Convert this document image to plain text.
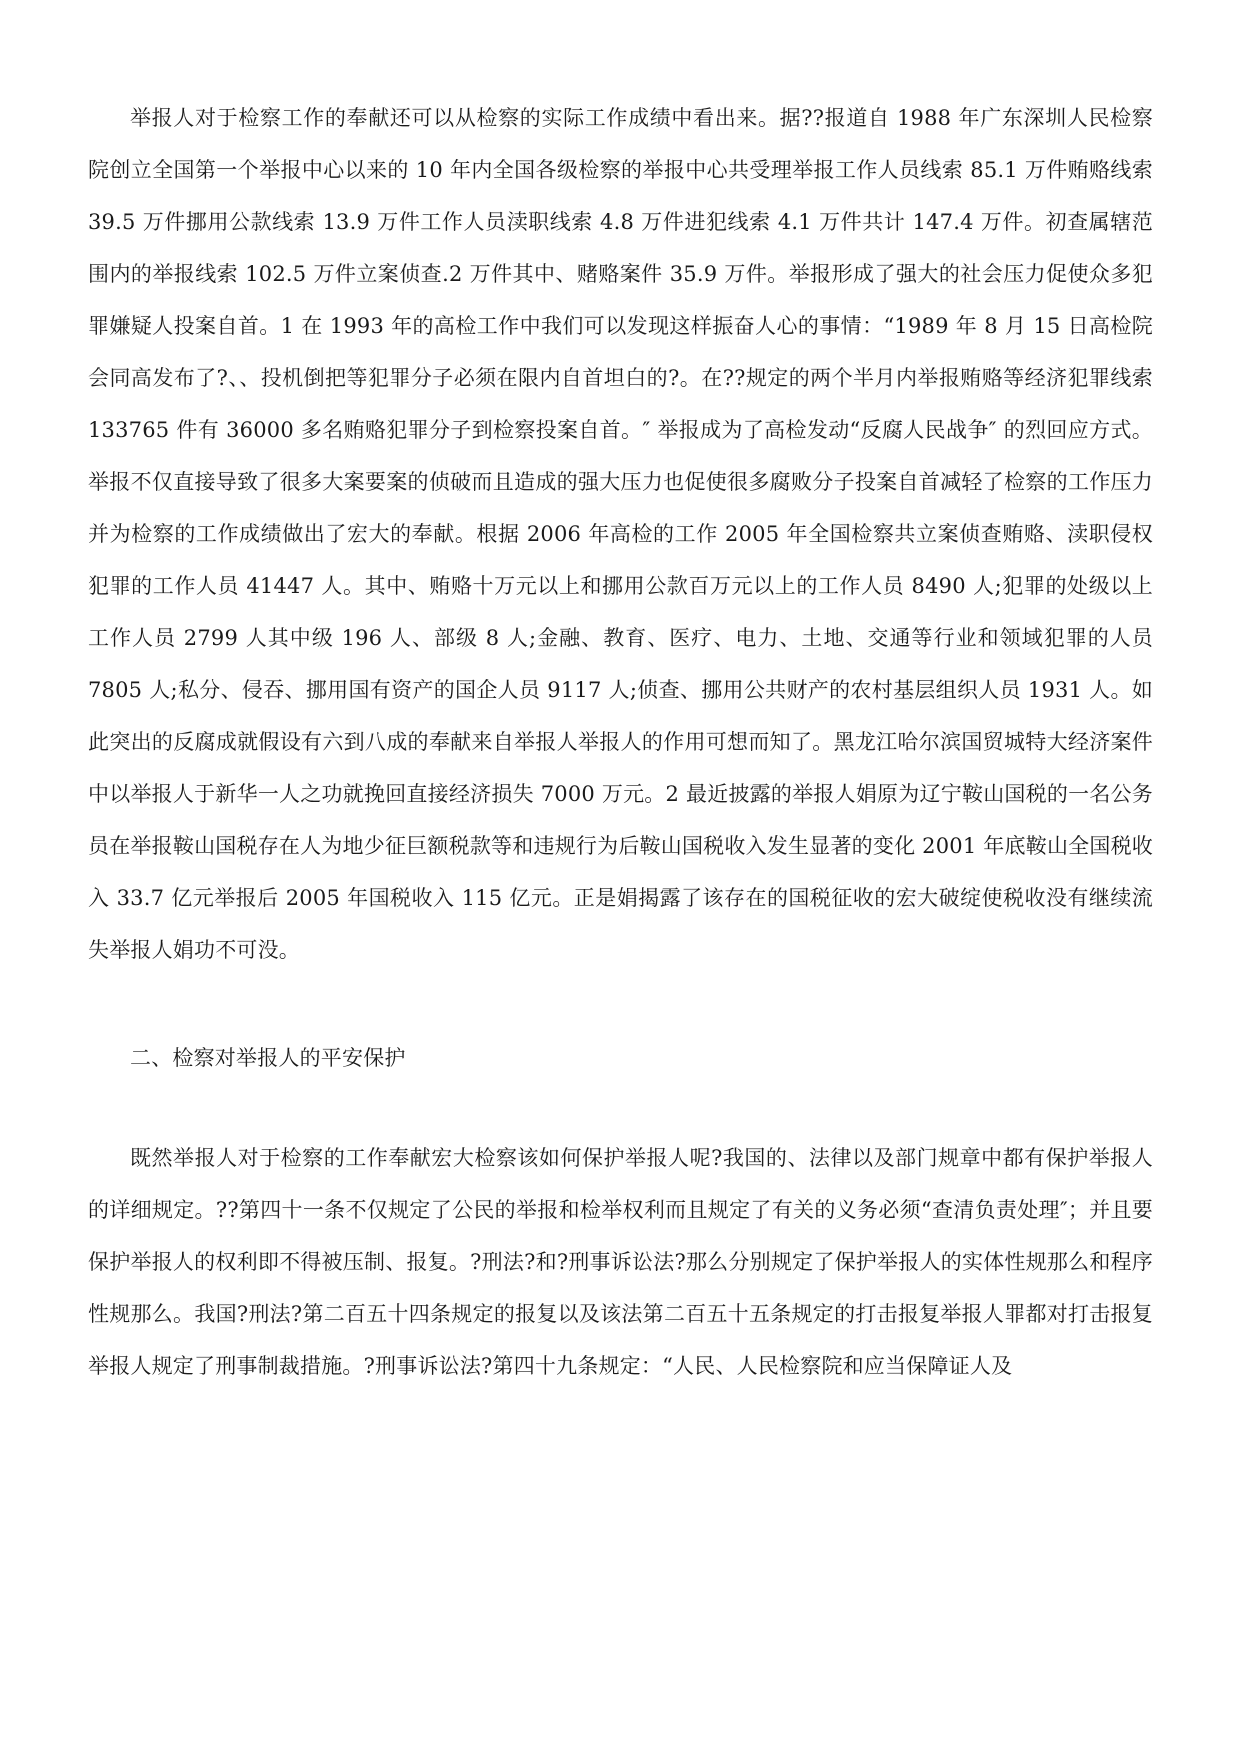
举报人对于检察工作的奉献还可以从检察的实际工作成绩中看出来。据??报道自 1988 年广东深圳人民检察院创立全国第一个举报中心以来的 10 年内全国各级检察的举报中心共受理举报工作人员线索 85.1 万件贿赂线索 39.5 万件挪用公款线索 13.9 万件工作人员渎职线索 4.8 万件进犯线索 4.1 万件共计 147.4 万件。初查属辖范围内的举报线索 102.5 万件立案侦查.2 万件其中、赌赂案件 35.9 万件。举报形成了强大的社会压力促使众多犯罪嫌疑人投案自首。1 在 1993 年的高检工作中我们可以发现这样振奋人心的事情：“1989 年 8 月 15 日高检院会同高发布了?、、投机倒把等犯罪分子必须在限内自首坦白的?。在??规定的两个半月内举报贿赂等经济犯罪线索 133765 件有 36000 多名贿赂犯罪分子到检察投案自首。″ 举报成为了高检发动“反腐人民战争″ 的烈回应方式。举报不仅直接导致了很多大案要案的侦破而且造成的强大压力也促使很多腐败分子投案自首减轻了检察的工作压力并为检察的工作成绩做出了宏大的奉献。根据 2006 年高检的工作 2005 年全国检察共立案侦查贿赂、渎职侵权犯罪的工作人员 41447 人。其中、贿赂十万元以上和挪用公款百万元以上的工作人员 8490 人;犯罪的处级以上工作人员 2799 人其中级 196 人、部级 8 人;金融、教育、医疗、电力、土地、交通等行业和领域犯罪的人员 7805 人;私分、侵吞、挪用国有资产的国企人员 9117 人;侦查、挪用公共财产的农村基层组织人员 1931 人。如此突出的反腐成就假设有六到八成的奉献来自举报人举报人的作用可想而知了。黑龙江哈尔滨国贸城特大经济案件中以举报人于新华一人之功就挽回直接经济损失 7000 万元。2 最近披露的举报人娟原为辽宁鞍山国税的一名公务员在举报鞍山国税存在人为地少征巨额税款等和违规行为后鞍山国税收入发生显著的变化 2001 年底鞍山全国税收入 33.7 亿元举报后 2005 年国税收入 115 亿元。正是娟揭露了该存在的国税征收的宏大破绽使税收没有继续流失举报人娟功不可没。

二、检察对举报人的平安保护

既然举报人对于检察的工作奉献宏大检察该如何保护举报人呢?我国的、法律以及部门规章中都有保护举报人的详细规定。??第四十一条不仅规定了公民的举报和检举权利而且规定了有关的义务必须“查清负责处理″；并且要保护举报人的权利即不得被压制、报复。?刑法?和?刑事诉讼法?那么分别规定了保护举报人的实体性规那么和程序性规那么。我国?刑法?第二百五十四条规定的报复以及该法第二百五十五条规定的打击报复举报人罪都对打击报复举报人规定了刑事制裁措施。?刑事诉讼法?第四十九条规定：“人民、人民检察院和应当保障证人及
